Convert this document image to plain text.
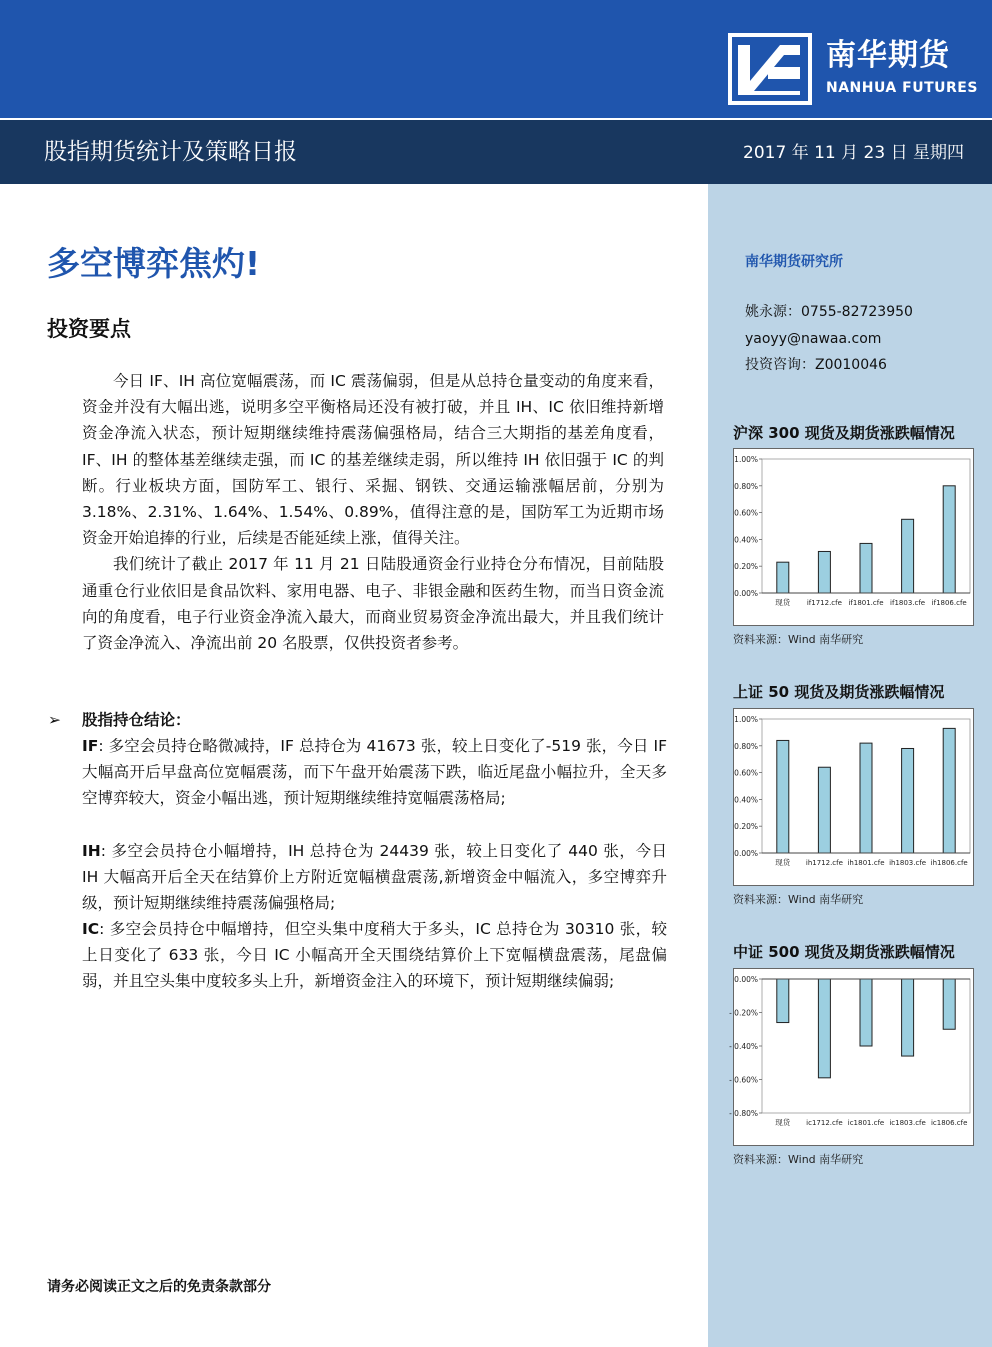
南华期货
NANHUA FUTURES
股指期货统计及策略日报	2017 年 11 月 23 日 星期四
多空博弈焦灼!
投资要点

今日 IF、IH 高位宽幅震荡，而 IC 震荡偏弱，但是从总持仓量变动的角度来看，资金并没有大幅出逃，说明多空平衡格局还没有被打破，并且 IH、IC 依旧维持新增资金净流入状态，预计短期继续维持震荡偏强格局，结合三大期指的基差角度看，IF、IH 的整体基差继续走强，而 IC 的基差继续走弱，所以维持 IH 依旧强于 IC 的判断。行业板块方面，国防军工、银行、采掘、钢铁、交通运输涨幅居前，分别为 3.18%、2.31%、1.64%、1.54%、0.89%，值得注意的是，国防军工为近期市场资金开始追捧的行业，后续是否能延续上涨，值得关注。

我们统计了截止 2017 年 11 月 21 日陆股通资金行业持仓分布情况，目前陆股通重仓行业依旧是食品饮料、家用电器、电子、非银金融和医药生物，而当日资金流向的角度看，电子行业资金净流入最大，而商业贸易资金净流出最大，并且我们统计了资金净流入、净流出前 20 名股票，仅供投资者参考。

➢ 股指持仓结论：
IF: 多空会员持仓略微减持，IF 总持仓为 41673 张，较上日变化了-519 张，今日 IF 大幅高开后早盘高位宽幅震荡，而下午盘开始震荡下跌，临近尾盘小幅拉升，全天多空博弈较大，资金小幅出逃，预计短期继续维持宽幅震荡格局;
IH: 多空会员持仓小幅增持，IH 总持仓为 24439 张，较上日变化了 440 张，今日 IH 大幅高开后全天在结算价上方附近宽幅横盘震荡,新增资金中幅流入，多空博弈升级，预计短期继续维持震荡偏强格局;
IC: 多空会员持仓中幅增持，但空头集中度稍大于多头，IC 总持仓为 30310 张，较上日变化了 633 张，今日 IC 小幅高开全天围绕结算价上下宽幅横盘震荡，尾盘偏弱，并且空头集中度较多头上升，新增资金注入的环境下，预计短期继续偏弱;
南华期货研究所
姚永源：0755-82723950
yaoyy@nawaa.com
投资咨询：Z0010046
沪深 300 现货及期货涨跌幅情况
0.00%
0.20%
0.40%
0.60%
0.80%
1.00%
现货 if1712.cfe if1801.cfe if1803.cfe if1806.cfe
资料来源：Wind 南华研究
上证 50 现货及期货涨跌幅情况
0.00%
0.20%
0.40%
0.60%
0.80%
1.00%
现货 ih1712.cfe ih1801.cfe ih1803.cfe ih1806.cfe
资料来源：Wind 南华研究
中证 500 现货及期货涨跌幅情况
- 0.80%
- 0.60%
- 0.40%
- 0.20%
0.00%
现货 ic1712.cfe ic1801.cfe ic1803.cfe ic1806.cfe
资料来源：Wind 南华研究
请务必阅读正文之后的免责条款部分
